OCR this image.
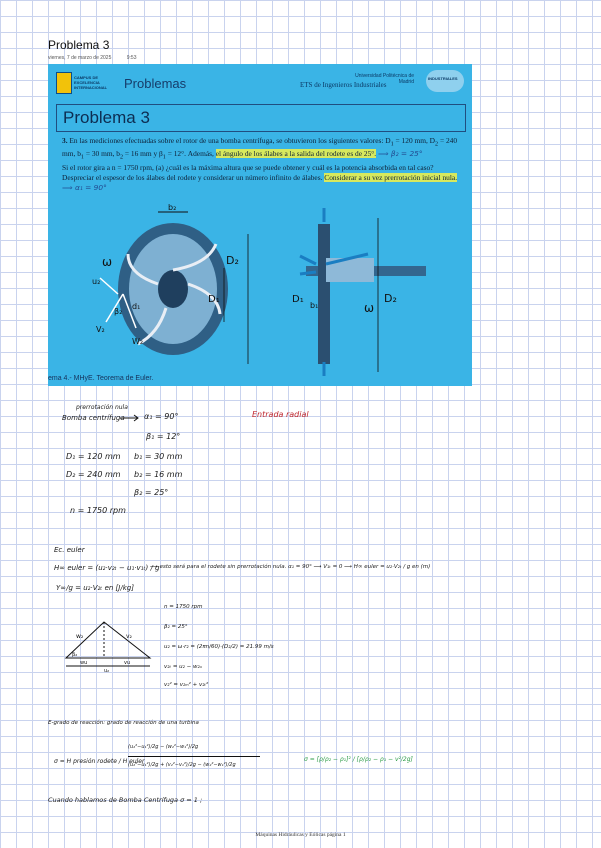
Problema 3
viernes, 7 de marzo de 2025	9:53
CAMPUS DE EXCELENCIA INTERNACIONAL	Problemas	Universidad Politécnica de Madrid
ETS de Ingenieros Industriales
INDUSTRIALES
Problema 3
3. En las mediciones efectuadas sobre el rotor de una bomba centrífuga, se obtuvieron los siguientes valores: $D_1 = 120$ mm, $D_2 = 240$ mm, $b_1 = 30$ mm, $b_2 = 16$ mm y $\beta_1 = 12^\circ$. Además, el ángulo de los álabes a la salida del rodete es de 25°. ⟹ β₂ = 25°
Si el rotor gira a n = 1750 rpm, (a) ¿cuál es la máxima altura que se puede obtener y cuál es la potencia absorbida en tal caso? Despreciar el espesor de los álabes del rodete y considerar un número infinito de álabes. Considerar a su vez prerrotación inicial nula. ⟹ α₁ = 90°
b₂
ω
u₂
d₁
V₂
W₂
β₂
D₂
D₁	D₁
b₁	ω
D₂
ema 4.- MHyE. Teorema de Euler.
prerrotación nula
Bomba centrífuga α₁ = 90°	Entrada radial
β₁ = 12°
D₁ = 120 mm b₁ = 30 mm
D₂ = 240 mm b₂ = 16 mm
β₂ = 25°
n = 1750 rpm
Ec. euler
H∞ euler = (u₂·v₂ₜ − u₁·v₁ₜ) / g
⟶ esto será para el rodete sin prerrotación nula. α₁ = 90° ⟶ V₁ₜ = 0 ⟶ H∞ euler = u₂·V₂ₜ / g en (m)
Y∞/g = u₂·V₂ₜ en [J/kg]
w₂	v₂
β₂
wu	vu
u₂
n = 1750 rpm
β₂ = 25°
u₂ = ω·r₂ = (2πn/60)·(D₂/2) = 21.99 m/s
v₂ₜ = u₂ − w₂ᵤ
v₂² = v₂ₘ² + v₂ₜ²
E-grado de reacción: grado de reacción de una turbina
σ = H presión rodete / H euler
(u₂²−u₁²)/2g − (w₂²−w₁²)/2g
(u₂²−u₁²)/2g + (v₂²−v₁²)/2g − (w₂²−w₁²)/2g
σ = [ρ/ρ₂ − ρ₁]² / [ρ/ρ₂ − ρ₁ − v²/2g]
Cuando hablamos de Bomba Centrífuga σ = 1 ;
Máquinas Hidráulicas y Eólicas página 1
